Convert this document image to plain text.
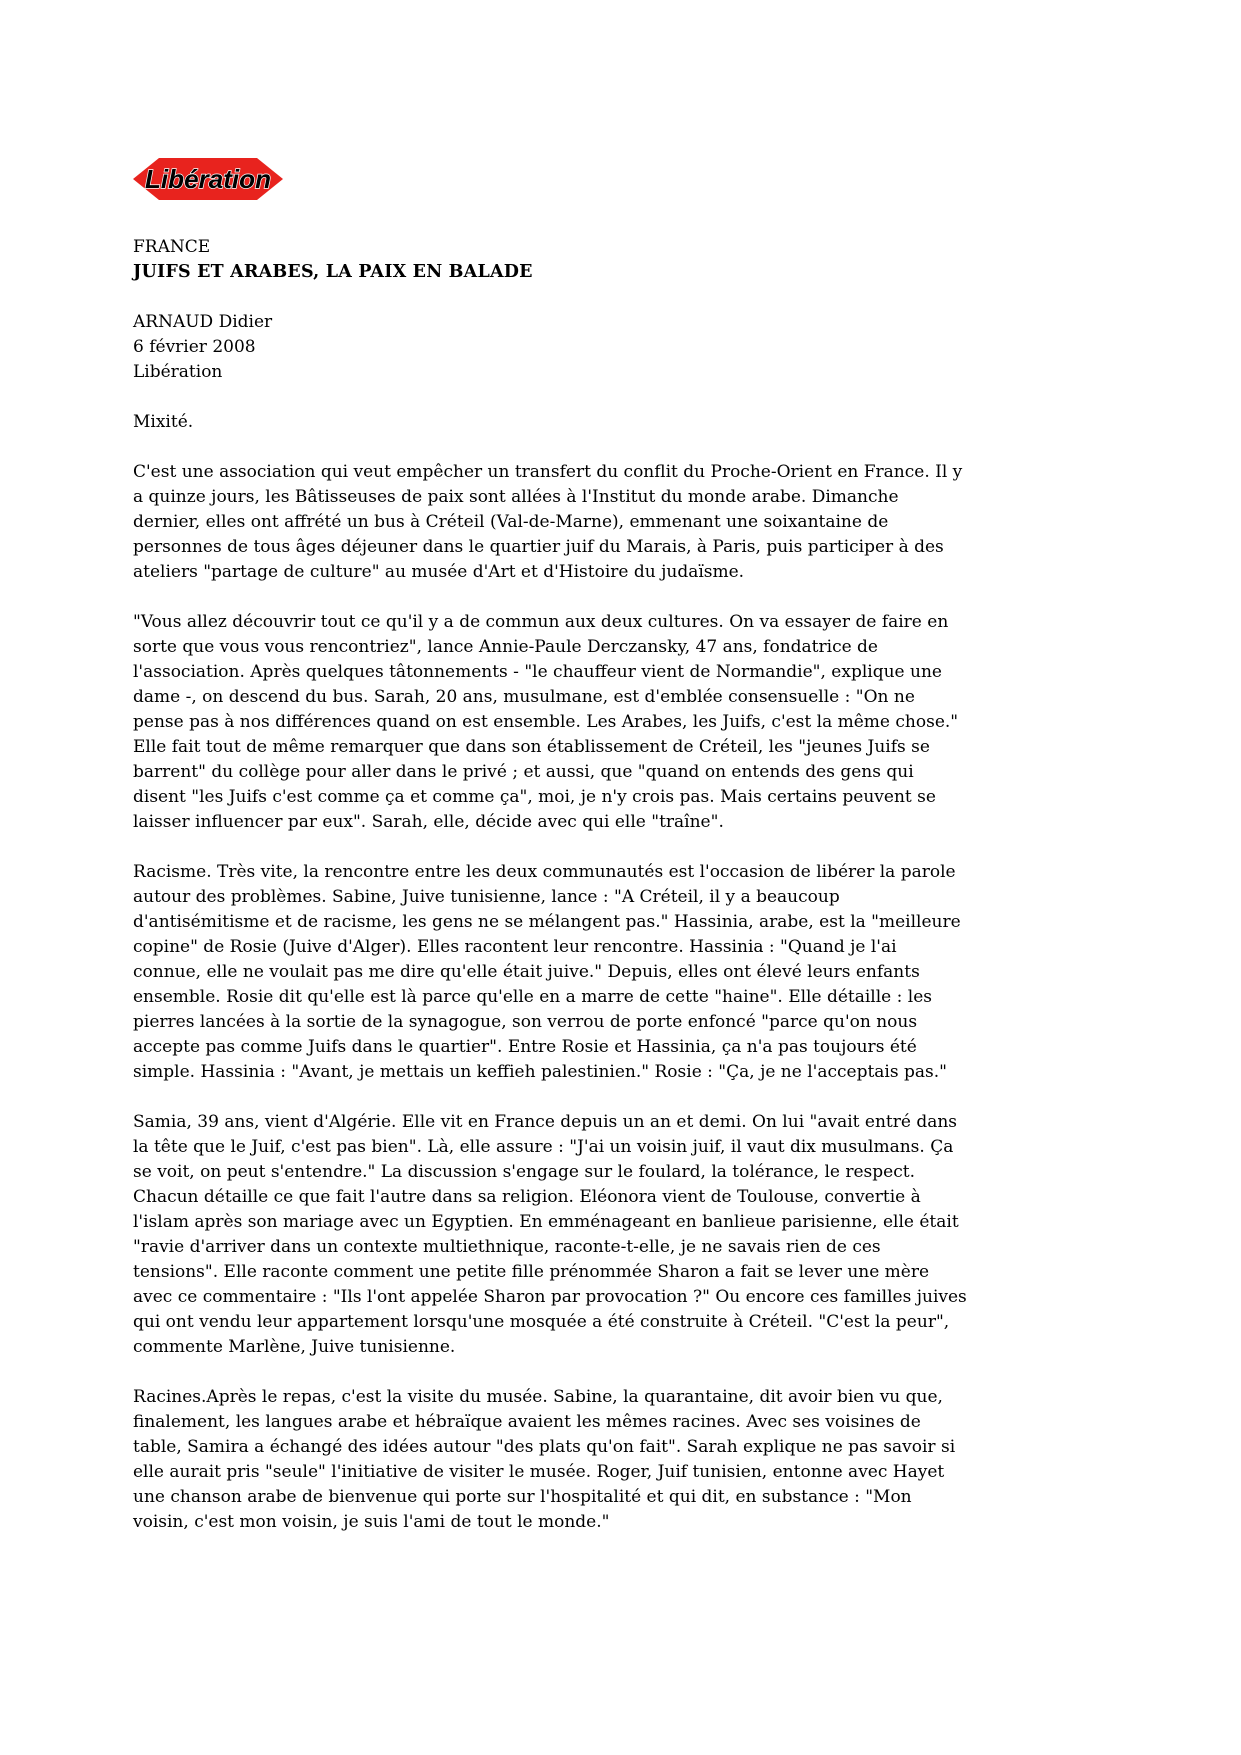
Libération
FRANCE
JUIFS ET ARABES, LA PAIX EN BALADE
ARNAUD Didier
6 février 2008
Libération
Mixité.

C'est une association qui veut empêcher un transfert du conflit du Proche-Orient en France. Il y a quinze jours, les Bâtisseuses de paix sont allées à l'Institut du monde arabe. Dimanche dernier, elles ont affrété un bus à Créteil (Val-de-Marne), emmenant une soixantaine de personnes de tous âges déjeuner dans le quartier juif du Marais, à Paris, puis participer à des ateliers "partage de culture" au musée d'Art et d'Histoire du judaïsme.

"Vous allez découvrir tout ce qu'il y a de commun aux deux cultures. On va essayer de faire en sorte que vous vous rencontriez", lance Annie-Paule Derczansky, 47 ans, fondatrice de l'association. Après quelques tâtonnements - "le chauffeur vient de Normandie", explique une dame -, on descend du bus. Sarah, 20 ans, musulmane, est d'emblée consensuelle : "On ne pense pas à nos différences quand on est ensemble. Les Arabes, les Juifs, c'est la même chose." Elle fait tout de même remarquer que dans son établissement de Créteil, les "jeunes Juifs se barrent" du collège pour aller dans le privé ; et aussi, que "quand on entends des gens qui disent "les Juifs c'est comme ça et comme ça", moi, je n'y crois pas. Mais certains peuvent se laisser influencer par eux". Sarah, elle, décide avec qui elle "traîne".

Racisme. Très vite, la rencontre entre les deux communautés est l'occasion de libérer la parole autour des problèmes. Sabine, Juive tunisienne, lance : "A Créteil, il y a beaucoup d'antisémitisme et de racisme, les gens ne se mélangent pas." Hassinia, arabe, est la "meilleure copine" de Rosie (Juive d'Alger). Elles racontent leur rencontre. Hassinia : "Quand je l'ai connue, elle ne voulait pas me dire qu'elle était juive." Depuis, elles ont élevé leurs enfants ensemble. Rosie dit qu'elle est là parce qu'elle en a marre de cette "haine". Elle détaille : les pierres lancées à la sortie de la synagogue, son verrou de porte enfoncé "parce qu'on nous accepte pas comme Juifs dans le quartier". Entre Rosie et Hassinia, ça n'a pas toujours été simple. Hassinia : "Avant, je mettais un keffieh palestinien." Rosie : "Ça, je ne l'acceptais pas."

Samia, 39 ans, vient d'Algérie. Elle vit en France depuis un an et demi. On lui "avait entré dans la tête que le Juif, c'est pas bien". Là, elle assure : "J'ai un voisin juif, il vaut dix musulmans. Ça se voit, on peut s'entendre." La discussion s'engage sur le foulard, la tolérance, le respect. Chacun détaille ce que fait l'autre dans sa religion. Eléonora vient de Toulouse, convertie à l'islam après son mariage avec un Egyptien. En emménageant en banlieue parisienne, elle était "ravie d'arriver dans un contexte multiethnique, raconte-t-elle, je ne savais rien de ces tensions". Elle raconte comment une petite fille prénommée Sharon a fait se lever une mère avec ce commentaire : "Ils l'ont appelée Sharon par provocation ?" Ou encore ces familles juives qui ont vendu leur appartement lorsqu'une mosquée a été construite à Créteil. "C'est la peur", commente Marlène, Juive tunisienne.

Racines.Après le repas, c'est la visite du musée. Sabine, la quarantaine, dit avoir bien vu que, finalement, les langues arabe et hébraïque avaient les mêmes racines. Avec ses voisines de table, Samira a échangé des idées autour "des plats qu'on fait". Sarah explique ne pas savoir si elle aurait pris "seule" l'initiative de visiter le musée. Roger, Juif tunisien, entonne avec Hayet une chanson arabe de bienvenue qui porte sur l'hospitalité et qui dit, en substance : "Mon voisin, c'est mon voisin, je suis l'ami de tout le monde."
